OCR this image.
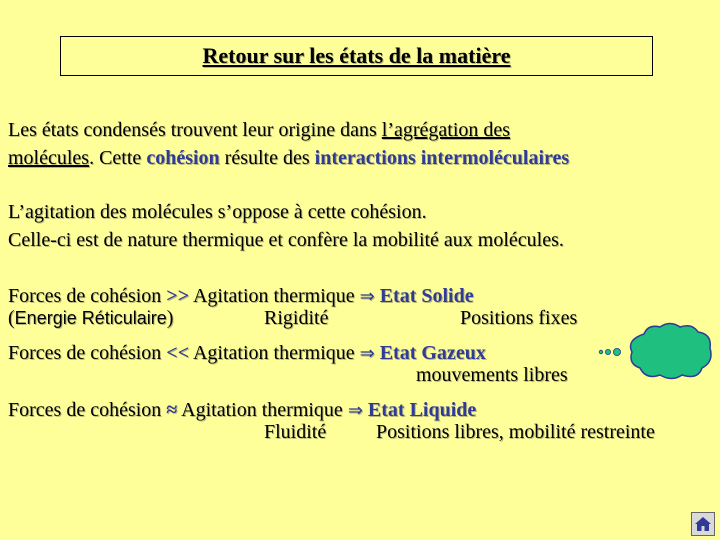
Retour sur les états de la matière
Les états condensés trouvent leur origine dans l’agrégation des
molécules. Cette cohésion résulte des interactions intermoléculaires
L’agitation des molécules s’oppose à cette cohésion.
Celle-ci est de nature thermique et confère la mobilité aux molécules.
Forces de cohésion >> Agitation thermique ⇒ Etat Solide
(Energie Réticulaire)	Rigidité	Positions fixes
Forces de cohésion << Agitation thermique ⇒ Etat Gazeux
mouvements libres
Forces de cohésion ≈ Agitation thermique ⇒ Etat Liquide
Fluidité Positions libres, mobilité restreinte
